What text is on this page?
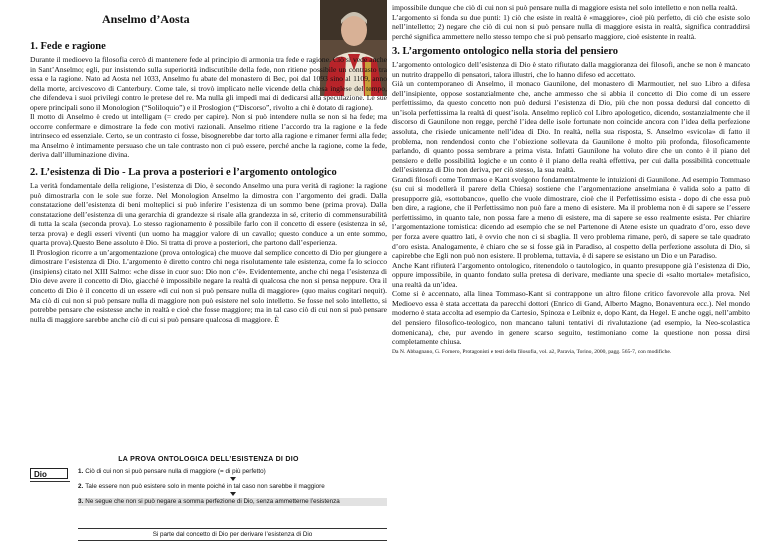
Anselmo d’Aosta

1. Fede e ragione

Durante il medioevo la filosofia cercò di mantenere fede al principio di armonia tra fede e ragione. Ciò si vede anche in Sant’Anselmo; egli, pur insistendo sulla superiorità indiscutibile della fede, non ritiene possibile un contrasto tra essa e la ragione. Nato ad Aosta nel 1033, Anselmo fu abate del monastero di Bec, poi dal 1093 sino al 1109, anno della morte, arcivescovo di Canterbury. Come tale, si trovò implicato nelle vicende della chiesa inglese del tempo, che difendeva i suoi privilegi contro le pretese del re. Ma nulla gli impedì mai di dedicarsi alla speculazione. Le sue opere principali sono il Monologion (“Soliloquio”) e il Proslogion (“Discorso”, rivolto a chi è dotato di ragione).

Il motto di Anselmo è credo ut intelligam (= credo per capire). Non si può intendere nulla se non si ha fede; ma occorre confermare e dimostrare la fede con motivi razionali. Anselmo ritiene l’accordo tra la ragione e la fede intrinseco ed essenziale. Certo, se un contrasto ci fosse, bisognerebbe dar torto alla ragione e rimaner fermi alla fede; ma Anselmo è intimamente persuaso che un tale contrasto non ci può essere, perché anche la ragione, come la fede, deriva dall’illuminazione divina.

2. L’esistenza di Dio - La prova a posteriori e l’argomento ontologico

La verità fondamentale della religione, l’esistenza di Dio, è secondo Anselmo una pura verità di ragione: la ragione può dimostrarla con le sole sue forze. Nel Monologion Anselmo la dimostra con l’argomento dei gradi. Dalla constatazione dell’esistenza di beni molteplici si può inferire l’esistenza di un sommo bene (prima prova). Dalla constatazione dell’esistenza di una gerarchia di grandezze si risale alla grandezza in sé, criterio di commensurabilità di tutta la scala (seconda prova). Lo stesso ragionamento è possibile farlo con il concetto di essere (esistenza in sé, terza prova) e degli esseri viventi (un uomo ha maggior valore di un cavallo; questo conduce a un ente sommo, quarta prova).Questo Bene assoluto è Dio. Si tratta di prove a posteriori, che partono dall’esperienza.

Il Proslogion ricorre a un’argomentazione (prova ontologica) che muove dal semplice concetto di Dio per giungere a dimostrare l’esistenza di Dio. L’argomento è diretto contro chi nega risolutamente tale esistenza, come fa lo sciocco (insipiens) citato nel XIII Salmo: «che disse in cuor suo: Dio non c’è». Evidentemente, anche chi nega l’esistenza di Dio deve avere il concetto di Dio, giacché è impossibile negare la realtà di qualcosa che non si pensa neppure. Ora il concetto di Dio è il concetto di un essere «di cui non si può pensare nulla di maggiore» (quo maius cogitari nequit). Ma ciò di cui non si può pensare nulla di maggiore non può esistere nel solo intelletto. Se fosse nel solo intelletto, si potrebbe pensare che esistesse anche in realtà e cioè che fosse maggiore; ma in tal caso ciò di cui non si può pensare nulla di maggiore sarebbe anche ciò di cui si può pensare qualcosa di maggiore. È

LA PROVA ONTOLOGICA DELL’ESISTENZA DI DIO
Dio	1. Ciò di cui non si può pensare nulla di maggiore (= di più perfetto)
2. Tale essere non può esistere solo in mente poiché in tal caso non sarebbe il maggiore
3. Ne segue che non si può negare a somma perfezione di Dio, senza ammetterne l’esistenza
Si parte dal concetto di Dio per derivare l’esistenza di Dio

impossibile dunque che ciò di cui non si può pensare nulla di maggiore esista nel solo intelletto e non nella realtà.

L’argomento si fonda su due punti: 1) ciò che esiste in realtà è «maggiore», cioè più perfetto, di ciò che esiste solo nell’intelletto; 2) negare che ciò di cui non si può pensare nulla di maggiore esista in realtà, significa contraddirsi perché significa ammettere nello stesso tempo che si può pensarlo maggiore, cioè esistente in realtà.

3. L’argomento ontologico nella storia del pensiero

L’argomento ontologico dell’esistenza di Dio è stato rifiutato dalla maggioranza dei filosofi, anche se non è mancato un nutrito drappello di pensatori, talora illustri, che lo hanno difeso ed accettato.

Già un contemporaneo di Anselmo, il monaco Gaunilone, del monastero di Marmoutier, nel suo Libro a difesa dell’insipiente, oppose sostanzialmente che, anche ammesso che si abbia il concetto di Dio come di un essere perfettissimo, da questo concetto non può dedursi l’esistenza di Dio, più che non possa dedursi dal concetto di un’isola perfettissima la realtà di quest’isola. Anselmo replicò col Libro apologetico, dicendo, sostanzialmente che il discorso di Gaunilone non regge, perché l’idea delle isole fortunate non coincide ancora con l’idea della perfezione assoluta, che risiede unicamente nell’idea di Dio. In realtà, nella sua risposta, S. Anselmo «svicola» di fatto il problema, non rendendosi conto che l’obiezione sollevata da Gaunilone è molto più profonda, filosoficamente parlando, di quanto possa sembrare a prima vista. Infatti Gaunilone ha voluto dire che un conto è il piano del pensiero e delle possibilità logiche e un conto è il piano della realtà effettiva, per cui dalla possibilità concettuale dell’esistenza di Dio non deriva, per ciò stesso, la sua realtà.

Grandi filosofi come Tommaso e Kant svolgono fondamentalmente le intuizioni di Gaunilone. Ad esempio Tommaso (su cui si modellerà il parere della Chiesa) sostiene che l’argomentazione anselmiana è valida solo a patto di presupporre già, «sottobanco», quello che vuole dimostrare, cioè che il Perfettissimo esista - dopo di che essa può ben dire, a ragione, che il Perfettissimo non può fare a meno di esistere. Ma il problema non è di sapere se l’essere perfettissimo, in quanto tale, non possa fare a meno di esistere, ma di sapere se esso realmente esista. Per chiarire l’argomentazione tomistica: dicendo ad esempio che se nel Partenone di Atene esiste un quadrato d’oro, esso deve per forza avere quattro lati, è ovvio che non ci si sbaglia. Il vero problema rimane, però, di sapere se tale quadrato d’oro esista. Analogamente, è chiaro che se si fosse già in Paradiso, al cospetto della perfezione assoluta di Dio, si capirebbe che Egli non può non esistere. Il problema, tuttavia, è di sapere se esistano un Dio e un Paradiso.

Anche Kant rifiuterà l’argomento ontologico, ritenendolo o tautologico, in quanto presuppone già l’esistenza di Dio, oppure impossibile, in quanto fondato sulla pretesa di derivare, mediante una specie di «salto mortale» metafisico, una realtà da un’idea.

Come si è accennato, alla linea Tommaso-Kant si contrappone un altro filone critico favorevole alla prova. Nel Medioevo essa è stata accettata da parecchi dottori (Enrico di Gand, Alberto Magno, Bonaventura ecc.). Nel mondo moderno è stata accolta ad esempio da Cartesio, Spinoza e Leibniz e, dopo Kant, da Hegel. E anche oggi, nell’ambito del pensiero filosofico-teologico, non mancano taluni tentativi di rivalutazione (ad esempio, la Neo-scolastica domenicana), che, pur avendo in genere scarso seguito, testimoniano come la questione non possa dirsi completamente chiusa.

Da N. Abbagnano, G. Fornero, Protagonisti e testi della filosofia, vol. a2, Paravia, Torino, 2000, pagg. 565-7, con modifiche.
